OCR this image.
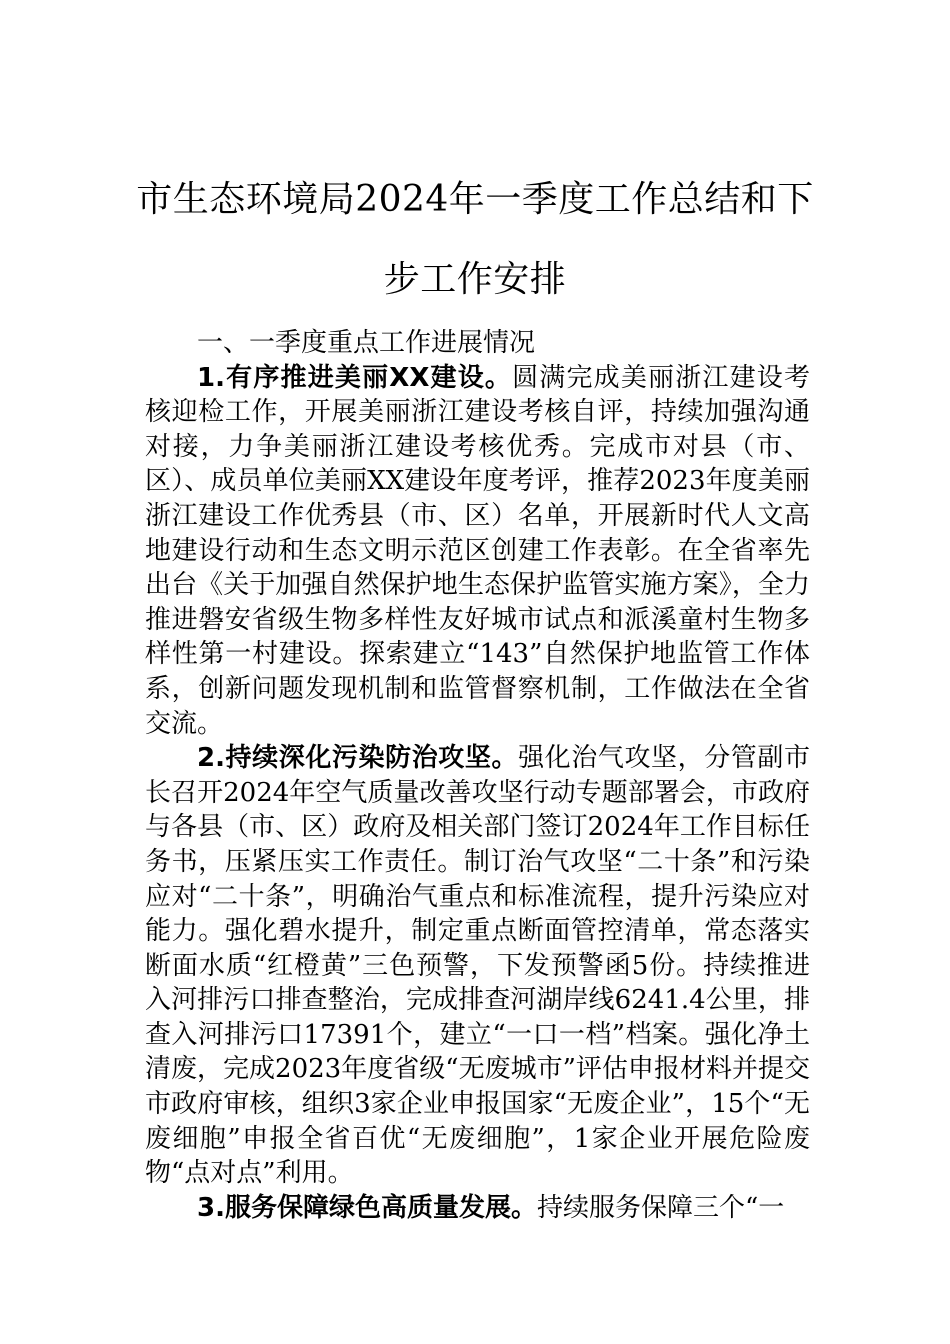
市生态环境局2024年一季度工作总结和下步工作安排

一、一季度重点工作进展情况

1.有序推进美丽XX建设。圆满完成美丽浙江建设考核迎检工作，开展美丽浙江建设考核自评，持续加强沟通对接，力争美丽浙江建设考核优秀。完成市对县（市、区）、成员单位美丽XX建设年度考评，推荐2023年度美丽浙江建设工作优秀县（市、区）名单，开展新时代人文高地建设行动和生态文明示范区创建工作表彰。在全省率先出台《关于加强自然保护地生态保护监管实施方案》，全力推进磐安省级生物多样性友好城市试点和派溪童村生物多样性第一村建设。探索建立“143”自然保护地监管工作体系，创新问题发现机制和监管督察机制，工作做法在全省交流。

2.持续深化污染防治攻坚。强化治气攻坚，分管副市长召开2024年空气质量改善攻坚行动专题部署会，市政府与各县（市、区）政府及相关部门签订2024年工作目标任务书，压紧压实工作责任。制订治气攻坚“二十条”和污染应对“二十条”，明确治气重点和标准流程，提升污染应对能力。强化碧水提升，制定重点断面管控清单，常态落实断面水质“红橙黄”三色预警，下发预警函5份。持续推进入河排污口排查整治，完成排查河湖岸线6241.4公里，排查入河排污口17391个，建立“一口一档”档案。强化净土清废，完成2023年度省级“无废城市”评估申报材料并提交市政府审核，组织3家企业申报国家“无废企业”，15个“无废细胞”申报全省百优“无废细胞”，1家企业开展危险废物“点对点”利用。

3.服务保障绿色高质量发展。持续服务保障三个“一
